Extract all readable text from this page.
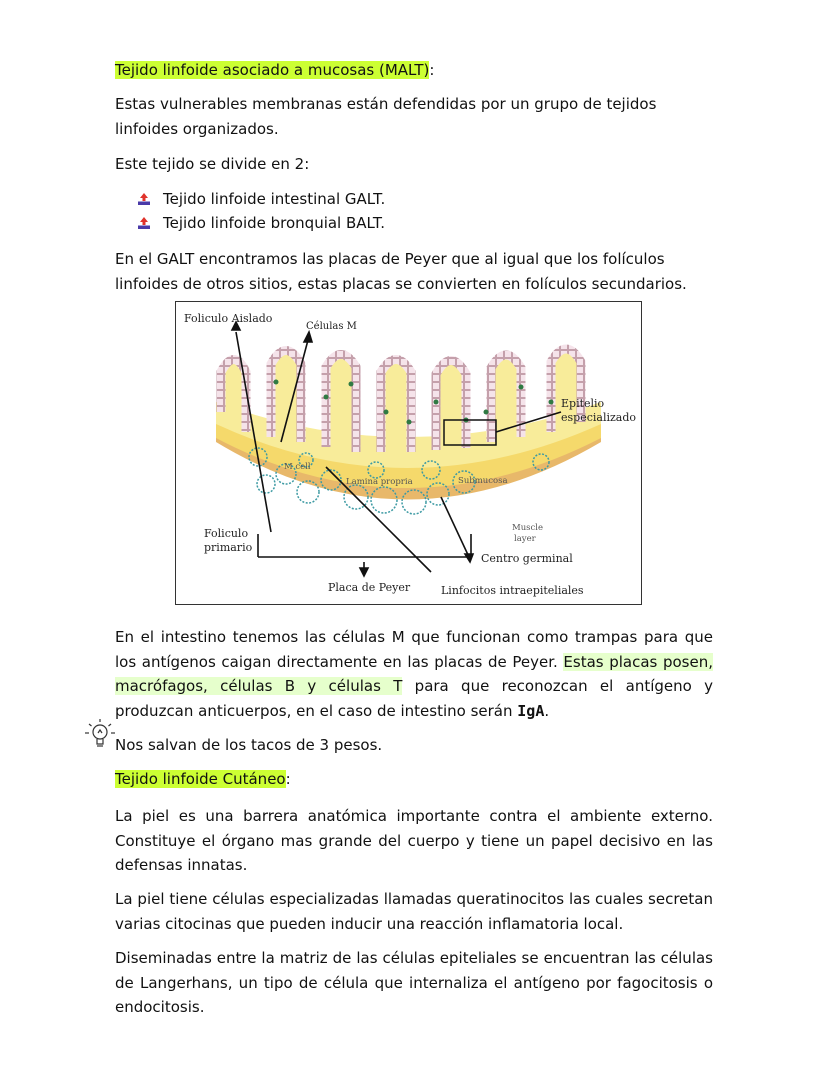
Tejido linfoide asociado a mucosas (MALT):
Estas vulnerables membranas están defendidas por un grupo de tejidos linfoides organizados.
Este tejido se divide en 2:
Tejido linfoide intestinal GALT.
Tejido linfoide bronquial BALT.
En el GALT encontramos las placas de Peyer que al igual que los folículos linfoides de otros sitios, estas placas se convierten en folículos secundarios.
Foliculo Aislado
Células M
Epitelio
especializado
M cell
Lamina propria	Submucosa
Foliculo
primario
Muscle
layer
Centro germinal
Placa de Peyer	Linfocitos intraepiteliales
En el intestino tenemos las células M que funcionan como trampas para que los antígenos caigan directamente en las placas de Peyer. Estas placas posen, macrófagos, células B y células T para que reconozcan el antígeno y produzcan anticuerpos, en el caso de intestino serán IgA.
Nos salvan de los tacos de 3 pesos.
Tejido linfoide Cutáneo:
La piel es una barrera anatómica importante contra el ambiente externo. Constituye el órgano mas grande del cuerpo y tiene un papel decisivo en las defensas innatas.
La piel tiene células especializadas llamadas queratinocitos las cuales secretan varias citocinas que pueden inducir una reacción inflamatoria local.
Diseminadas entre la matriz de las células epiteliales se encuentran las células de Langerhans, un tipo de célula que internaliza el antígeno por fagocitosis o endocitosis.
